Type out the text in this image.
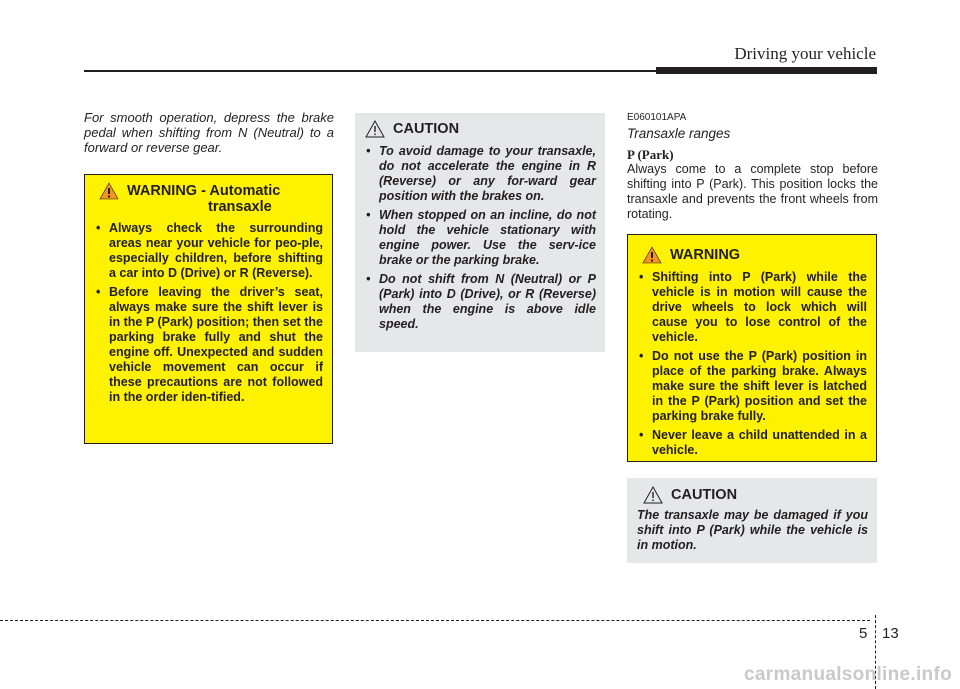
Driving your vehicle

For smooth operation, depress the brake pedal when shifting from N (Neutral) to a forward or reverse gear.

WARNING - Automatic
transaxle
• Always check the surrounding areas near your vehicle for peo-ple, especially children, before shifting a car into D (Drive) or R (Reverse).
• Before leaving the driver’s seat, always make sure the shift lever is in the P (Park) position; then set the parking brake fully and shut the engine off. Unexpected and sudden vehicle movement can occur if these precautions are not followed in the order iden-tified.
CAUTION
• To avoid damage to your transaxle, do not accelerate the engine in R (Reverse) or any for-ward gear position with the brakes on.
• When stopped on an incline, do not hold the vehicle stationary with engine power. Use the serv-ice brake or the parking brake.
• Do not shift from N (Neutral) or P (Park) into D (Drive), or R (Reverse) when the engine is above idle speed.
E060101APA
Transaxle ranges
P (Park)

Always come to a complete stop before shifting into P (Park). This position locks the transaxle and prevents the front wheels from rotating.

WARNING
• Shifting into P (Park) while the vehicle is in motion will cause the drive wheels to lock which will cause you to lose control of the vehicle.
• Do not use the P (Park) position in place of the parking brake. Always make sure the shift lever is latched in the P (Park) position and set the parking brake fully.
• Never leave a child unattended in a vehicle.
CAUTION

The transaxle may be damaged if you shift into P (Park) while the vehicle is in motion.

5 13
carmanualsonline.info
